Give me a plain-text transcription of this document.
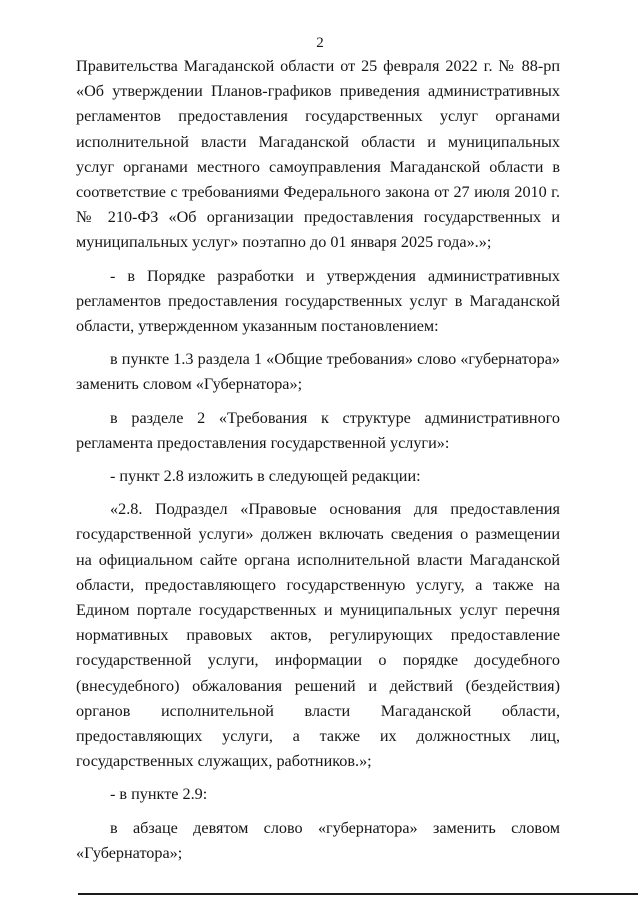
2

Правительства Магаданской области от 25 февраля 2022 г. № 88-рп «Об утверждении Планов-графиков приведения административных регламентов предоставления государственных услуг органами исполнительной власти Магаданской области и муниципальных услуг органами местного самоуправления Магаданской области в соответствие с требованиями Федерального закона от 27 июля 2010 г. № 210-ФЗ «Об организации предоставления государственных и муниципальных услуг» поэтапно до 01 января 2025 года».»;

- в Порядке разработки и утверждения административных регламентов предоставления государственных услуг в Магаданской области, утвержденном указанным постановлением:

в пункте 1.3 раздела 1 «Общие требования» слово «губернатора» заменить словом «Губернатора»;

в разделе 2 «Требования к структуре административного регламента предоставления государственной услуги»:

- пункт 2.8 изложить в следующей редакции:

«2.8. Подраздел «Правовые основания для предоставления государственной услуги» должен включать сведения о размещении на официальном сайте органа исполнительной власти Магаданской области, предоставляющего государственную услугу, а также на Едином портале государственных и муниципальных услуг перечня нормативных правовых актов, регулирующих предоставление государственной услуги, информации о порядке досудебного (внесудебного) обжалования решений и действий (бездействия) органов исполнительной власти Магаданской области, предоставляющих услуги, а также их должностных лиц, государственных служащих, работников.»;

- в пункте 2.9:

в абзаце девятом слово «губернатора» заменить словом «Губернатора»;
